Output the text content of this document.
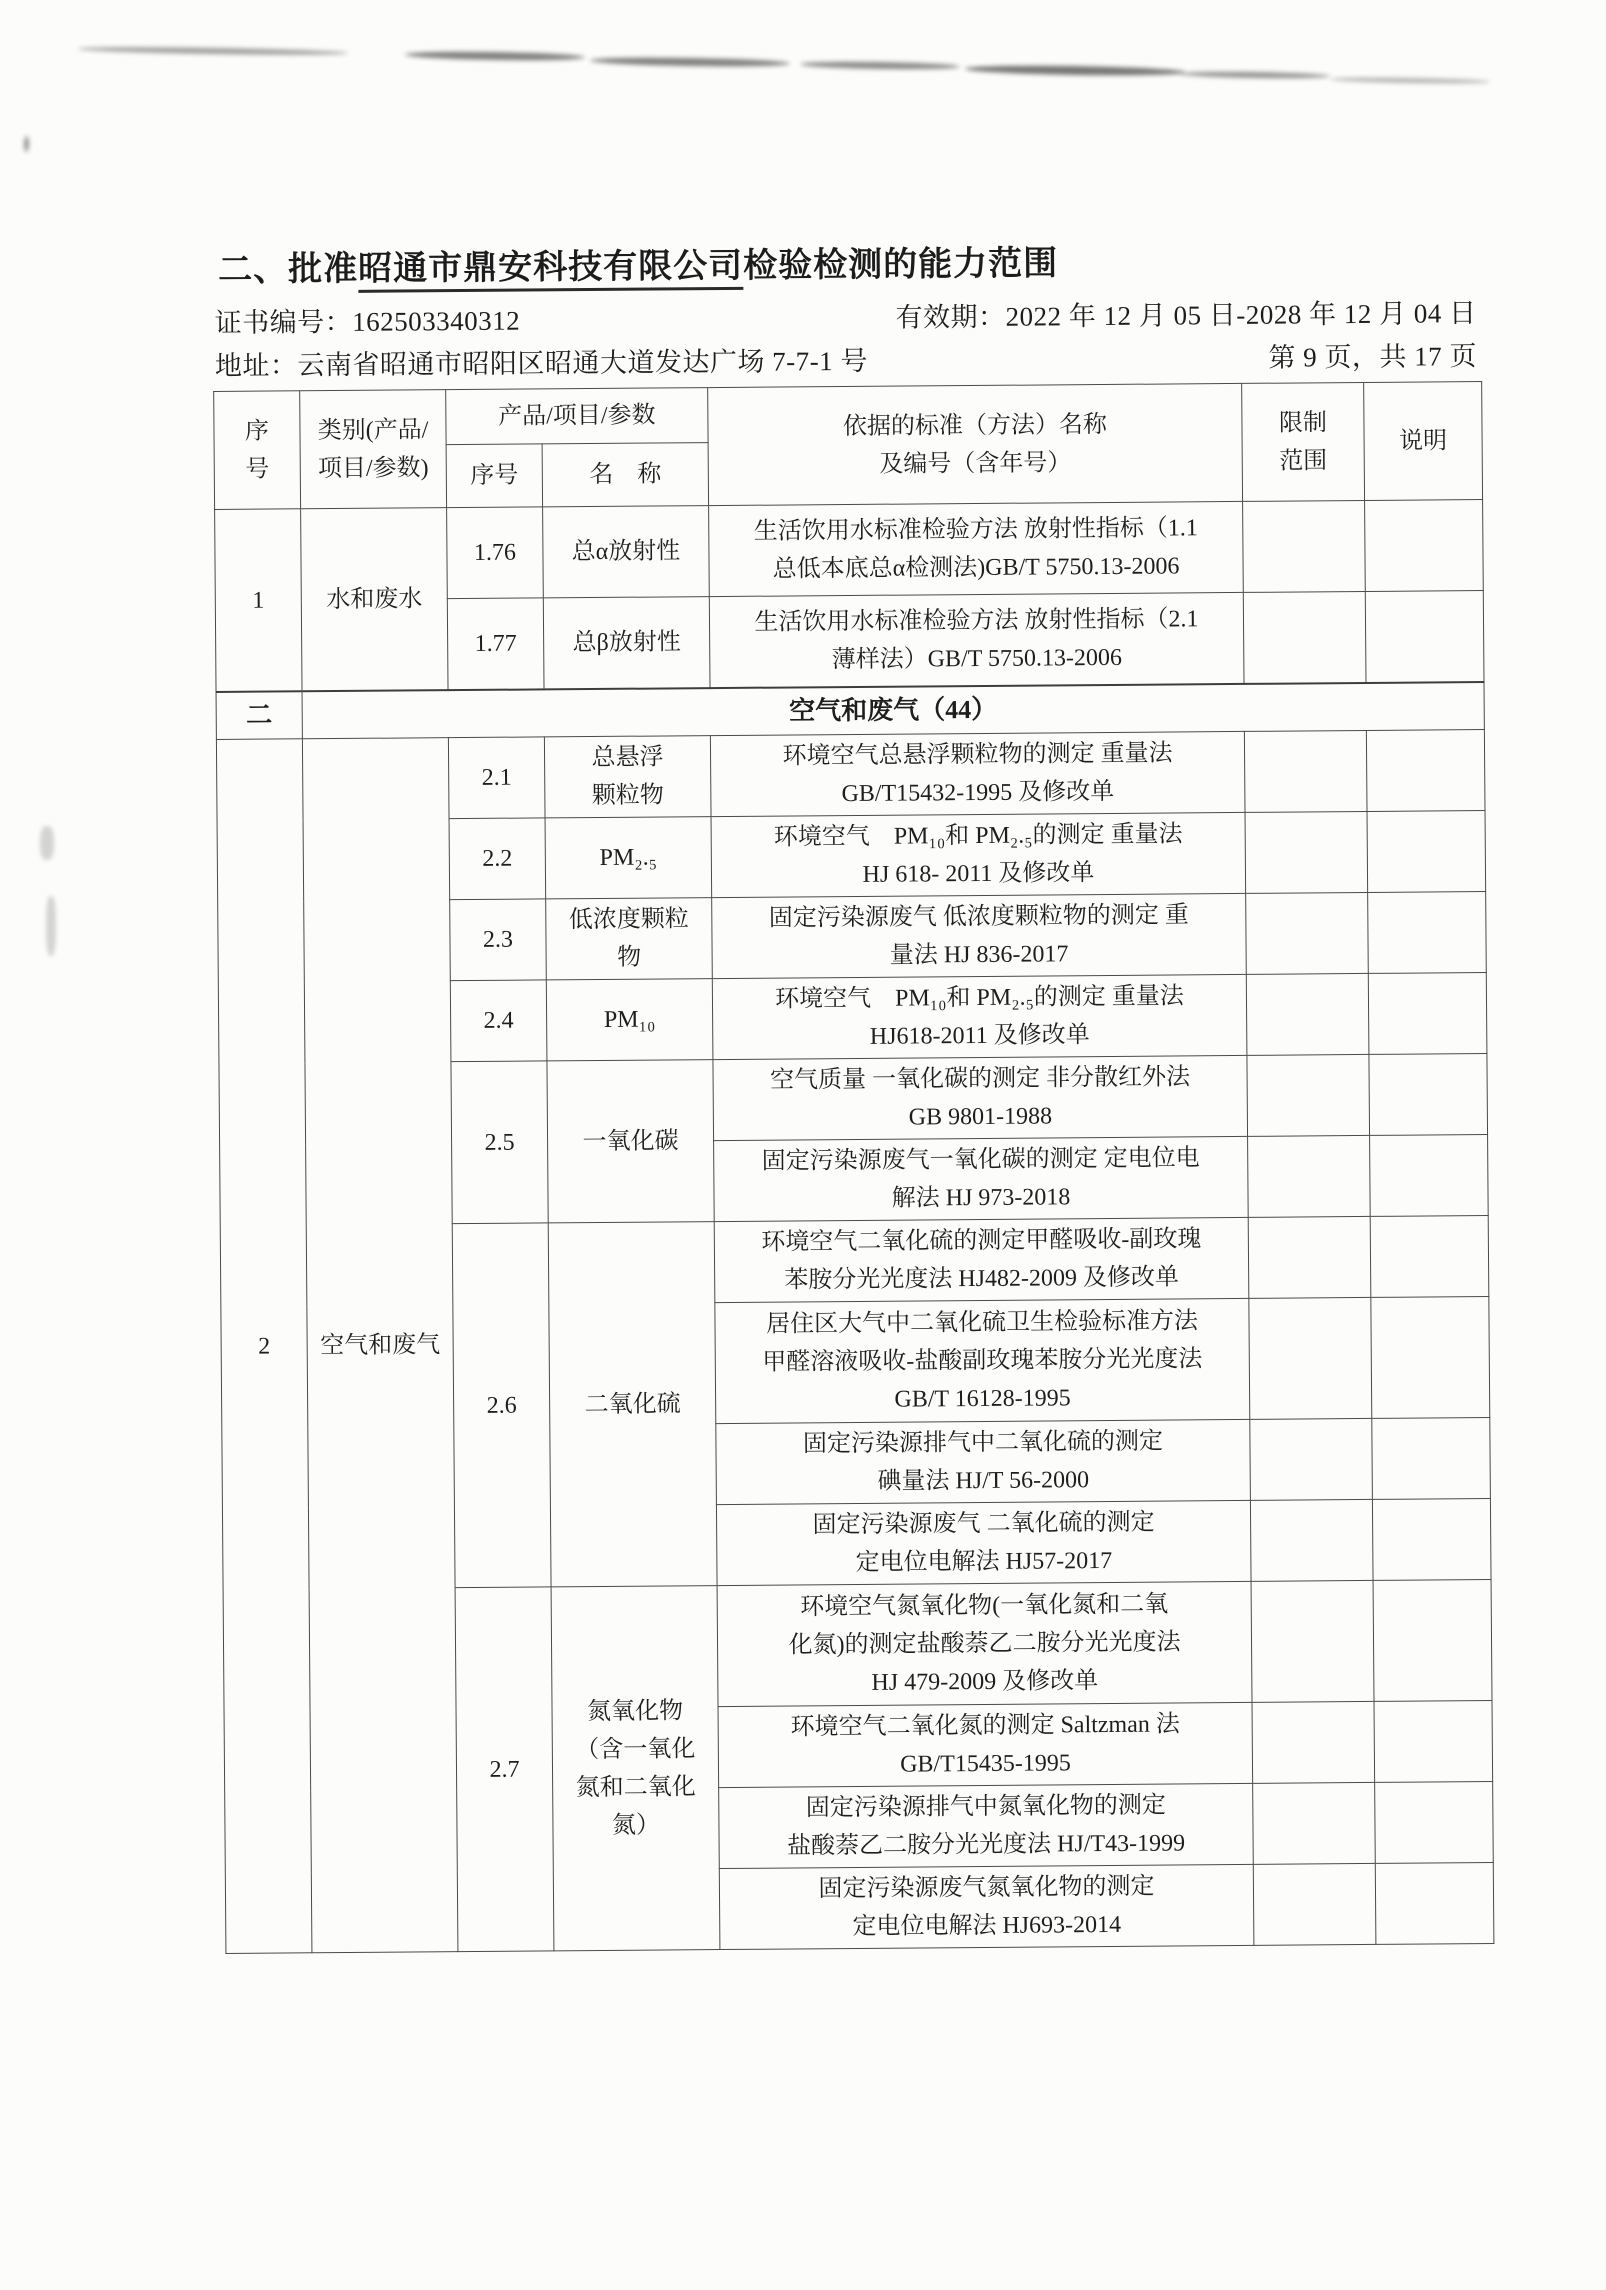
二、批准昭通市鼎安科技有限公司检验检测的能力范围
证书编号：162503340312	有效期：2022 年 12 月 05 日-2028 年 12 月 04 日
地址：云南省昭通市昭阳区昭通大道发达广场 7-7-1 号	第 9 页，共 17 页
序
号	类别(产品/
项目/参数)	产品/项目/参数		依据的标准（方法）名称
及编号（含年号）	限制
范围	说明
		序号	名　称			
1	水和废水	1.76	总α放射性	生活饮用水标准检验方法 放射性指标（1.1
总低本底总α检测法)GB/T 5750.13-2006		
		1.77	总β放射性	生活饮用水标准检验方法 放射性指标（2.1
薄样法）GB/T 5750.13-2006		
二	空气和废气（44）					
2	空气和废气	2.1	总悬浮
颗粒物	环境空气总悬浮颗粒物的测定 重量法
GB/T15432-1995 及修改单		
		2.2	PM₂.₅	环境空气　PM₁₀和 PM₂.₅的测定 重量法
HJ 618- 2011 及修改单		
		2.3	低浓度颗粒
物	固定污染源废气 低浓度颗粒物的测定 重
量法 HJ 836-2017		
		2.4	PM₁₀	环境空气　PM₁₀和 PM₂.₅的测定 重量法
HJ618-2011 及修改单		
		2.5	一氧化碳	空气质量 一氧化碳的测定 非分散红外法
GB 9801-1988		
				固定污染源废气一氧化碳的测定 定电位电
解法 HJ 973-2018		
		2.6	二氧化硫	环境空气二氧化硫的测定甲醛吸收-副玫瑰
苯胺分光光度法 HJ482-2009 及修改单		
				居住区大气中二氧化硫卫生检验标准方法
甲醛溶液吸收-盐酸副玫瑰苯胺分光光度法
GB/T 16128-1995		
				固定污染源排气中二氧化硫的测定
碘量法 HJ/T 56-2000		
				固定污染源废气 二氧化硫的测定
定电位电解法 HJ57-2017		
		2.7	氮氧化物
（含一氧化
氮和二氧化
氮）	环境空气氮氧化物(一氧化氮和二氧
化氮)的测定盐酸萘乙二胺分光光度法
HJ 479-2009 及修改单		
				环境空气二氧化氮的测定 Saltzman 法
GB/T15435-1995		
				固定污染源排气中氮氧化物的测定
盐酸萘乙二胺分光光度法 HJ/T43-1999		
				固定污染源废气氮氧化物的测定
定电位电解法 HJ693-2014		
